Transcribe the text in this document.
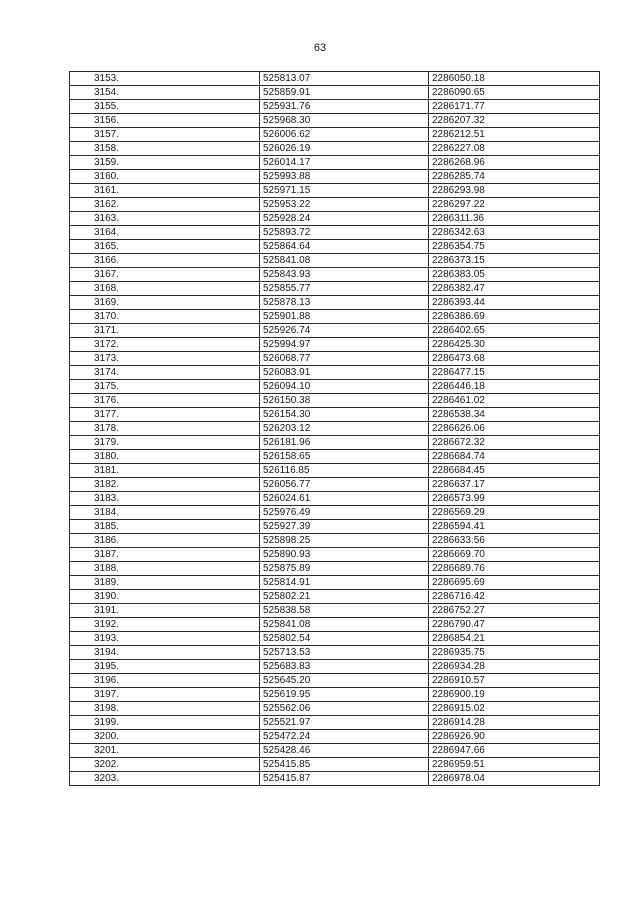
63
3153.	525813.07	2286050.18
3154.	525859.91	2286090.65
3155.	525931.76	2286171.77
3156.	525968.30	2286207.32
3157.	526006.62	2286212.51
3158.	526026.19	2286227.08
3159.	526014.17	2286268.96
3160.	525993.88	2286285.74
3161.	525971.15	2286293.98
3162.	525953.22	2286297.22
3163.	525928.24	2286311.36
3164.	525893.72	2286342.63
3165.	525864.64	2286354.75
3166.	525841.08	2286373.15
3167.	525843.93	2286383.05
3168.	525855.77	2286382.47
3169.	525878.13	2286393.44
3170.	525901.88	2286386.69
3171.	525926.74	2286402.65
3172.	525994.97	2286425.30
3173.	526068.77	2286473.68
3174.	526083.91	2286477.15
3175.	526094.10	2286446.18
3176.	526150.38	2286461.02
3177.	526154.30	2286538.34
3178.	526203.12	2286626.06
3179.	526181.96	2286672.32
3180.	526158.65	2286684.74
3181.	526116.85	2286684.45
3182.	526056.77	2286637.17
3183.	526024.61	2286573.99
3184.	525976.49	2286569.29
3185.	525927.39	2286594.41
3186.	525898.25	2286633.56
3187.	525890.93	2286669.70
3188.	525875.89	2286689.76
3189.	525814.91	2286695.69
3190.	525802.21	2286716.42
3191.	525838.58	2286752.27
3192.	525841.08	2286790.47
3193.	525802.54	2286854.21
3194.	525713.53	2286935.75
3195.	525683.83	2286934.28
3196.	525645.20	2286910.57
3197.	525619.95	2286900.19
3198.	525562.06	2286915.02
3199.	525521.97	2286914.28
3200.	525472.24	2286926.90
3201.	525428.46	2286947.66
3202.	525415.85	2286959.51
3203.	525415.87	2286978.04
